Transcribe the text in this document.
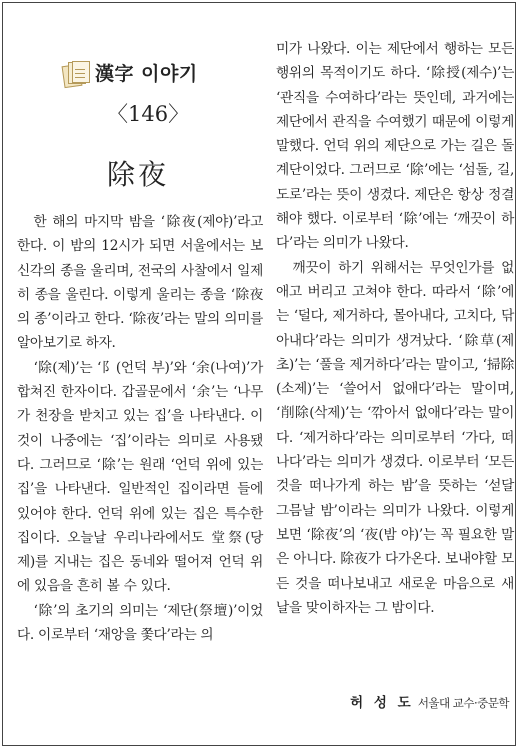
漢字 이야기
〈146〉
除夜

한 해의 마지막 밤을 ‘除夜(제야)’라고 한다. 이 밤의 12시가 되면 서울에서는 보신각의 종을 울리며, 전국의 사찰에서 일제히 종을 울린다. 이렇게 울리는 종을 ‘除夜의 종’이라고 한다. ‘除夜’라는 말의 의미를 알아보기로 하자.

‘除(제)’는 ‘阝(언덕 부)’와 ‘余(나여)’가 합쳐진 한자이다. 갑골문에서 ‘余’는 ‘나무가 천장을 받치고 있는 집’을 나타낸다. 이것이 나중에는 ‘집’이라는 의미로 사용됐다. 그러므로 ‘除’는 원래 ‘언덕 위에 있는 집’을 나타낸다. 일반적인 집이라면 들에 있어야 한다. 언덕 위에 있는 집은 특수한 집이다. 오늘날 우리나라에서도 堂祭(당제)를 지내는 집은 동네와 떨어져 언덕 위에 있음을 흔히 볼 수 있다.

‘除’의 초기의 의미는 ‘제단(祭壇)’이었다. 이로부터 ‘재앙을 쫓다’라는 의

미가 나왔다. 이는 제단에서 행하는 모든 행위의 목적이기도 하다. ‘除授(제수)’는 ‘관직을 수여하다’라는 뜻인데, 과거에는 제단에서 관직을 수여했기 때문에 이렇게 말했다. 언덕 위의 제단으로 가는 길은 돌계단이었다. 그러므로 ‘除’에는 ‘섬돌, 길, 도로’라는 뜻이 생겼다. 제단은 항상 정결해야 했다. 이로부터 ‘除’에는 ‘깨끗이 하다’라는 의미가 나왔다.

깨끗이 하기 위해서는 무엇인가를 없애고 버리고 고쳐야 한다. 따라서 ‘除’에는 ‘덜다, 제거하다, 몰아내다, 고치다, 닦아내다’라는 의미가 생겨났다. ‘除草(제초)’는 ‘풀을 제거하다’라는 말이고, ‘掃除(소제)’는 ‘쓸어서 없애다’라는 말이며, ‘削除(삭제)’는 ‘깎아서 없애다’라는 말이다. ‘제거하다’라는 의미로부터 ‘가다, 떠나다’라는 의미가 생겼다. 이로부터 ‘모든 것을 떠나가게 하는 밤’을 뜻하는 ‘섣달 그믐날 밤’이라는 의미가 나왔다. 이렇게 보면 ‘除夜’의 ‘夜(밤 야)’는 꼭 필요한 말은 아니다. 除夜가 다가온다. 보내야할 모든 것을 떠나보내고 새로운 마음으로 새날을 맞이하자는 그 밤이다.

허 성 도 서울대 교수·중문학
